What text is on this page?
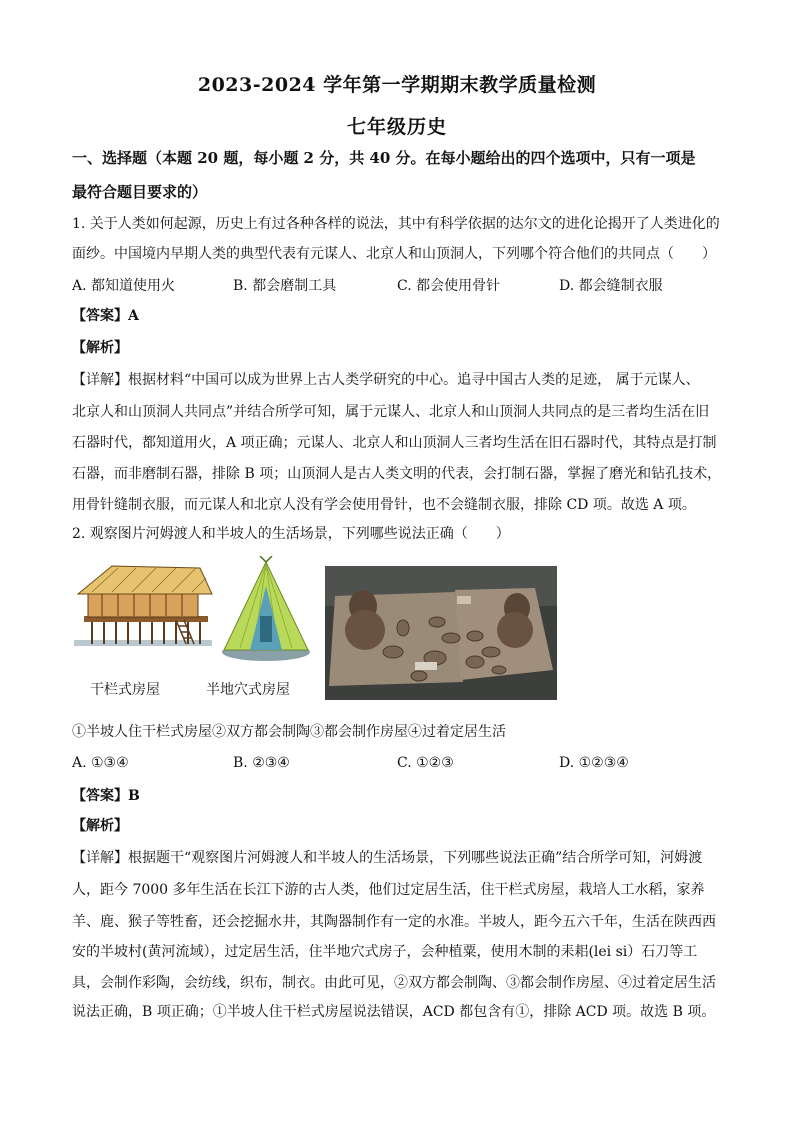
2023-2024 学年第一学期期末教学质量检测
七年级历史
一、选择题（本题 20 题，每小题 2 分，共 40 分。在每小题给出的四个选项中，只有一项是
最符合题目要求的）
1. 关于人类如何起源，历史上有过各种各样的说法，其中有科学依据的达尔文的进化论揭开了人类进化的
面纱。中国境内早期人类的典型代表有元谋人、北京人和山顶洞人，下列哪个符合他们的共同点（　　）
A. 都知道使用火	B. 都会磨制工具	C. 都会使用骨针	D. 都会缝制衣服
【答案】A
【解析】
【详解】根据材料“中国可以成为世界上古人类学研究的中心。追寻中国古人类的足迹， 属于元谋人、
北京人和山顶洞人共同点”并结合所学可知，属于元谋人、北京人和山顶洞人共同点的是三者均生活在旧
石器时代，都知道用火，A 项正确；元谋人、北京人和山顶洞人三者均生活在旧石器时代，其特点是打制
石器，而非磨制石器，排除 B 项；山顶洞人是古人类文明的代表，会打制石器，掌握了磨光和钻孔技术，
用骨针缝制衣服，而元谋人和北京人没有学会使用骨针，也不会缝制衣服，排除 CD 项。故选 A 项。
2. 观察图片河姆渡人和半坡人的生活场景，下列哪些说法正确（　　）
干栏式房屋	半地穴式房屋
①半坡人住干栏式房屋②双方都会制陶③都会制作房屋④过着定居生活
A. ①③④	B. ②③④	C. ①②③	D. ①②③④
【答案】B
【解析】
【详解】根据题干“观察图片河姆渡人和半坡人的生活场景，下列哪些说法正确”结合所学可知，河姆渡
人，距今 7000 多年生活在长江下游的古人类，他们过定居生活，住干栏式房屋，栽培人工水稻，家养
羊、鹿、猴子等牲畜，还会挖掘水井，其陶器制作有一定的水准。半坡人，距今五六千年，生活在陕西西
安的半坡村(黄河流域），过定居生活，住半地穴式房子，会种植粟，使用木制的耒耜(lei si）石刀等工
具，会制作彩陶，会纺线，织布，制衣。由此可见，②双方都会制陶、③都会制作房屋、④过着定居生活
说法正确，B 项正确；①半坡人住干栏式房屋说法错误，ACD 都包含有①，排除 ACD 项。故选 B 项。
